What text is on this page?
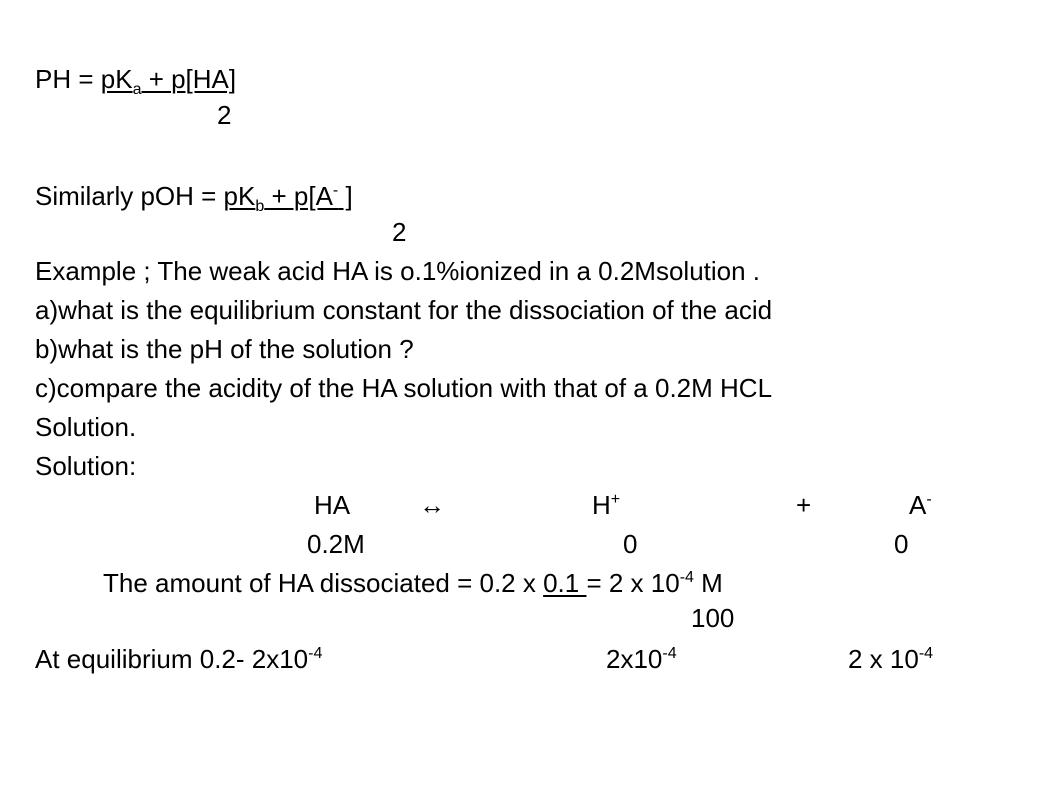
PH = $pK_a + p[HA]$
2
Similarly pOH = $pK_b + p[A^-$ ]
2
Example ; The weak acid HA is o.1%ionized in a 0.2Msolution .
a)what is the equilibrium constant for the dissociation of the acid
b)what is the pH of the solution ?
c)compare the acidity of the HA solution with that of a 0.2M HCL
Solution.
Solution:
HA	↔	H+	+	A-
0.2M	0	0
The amount of HA dissociated = 0.2 x 0.1 = 2 x $10^{-4}$ M
100
At equilibrium 0.2- $2x10^{-4}$	$2x10^{-4}$	2 x $10^{-4}$
